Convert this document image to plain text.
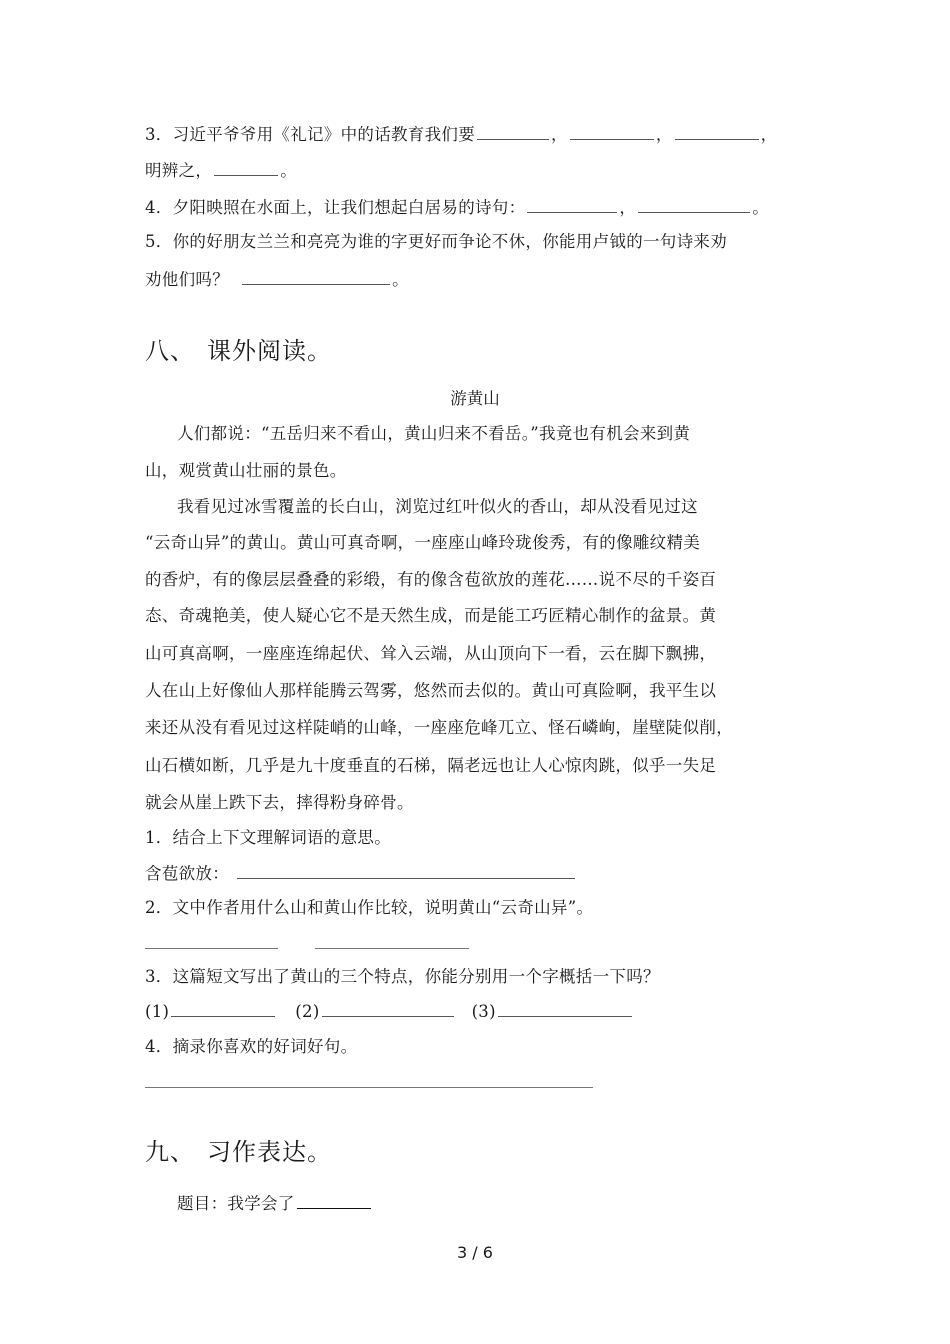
3．习近平爷爷用《礼记》中的话教育我们要	，	，	，
明辨之，	。
4．夕阳映照在水面上，让我们想起白居易的诗句：	，	。
5．你的好朋友兰兰和亮亮为谁的字更好而争论不休，你能用卢钺的一句诗来劝
劝他们吗？	。
八、 课外阅读。
游黄山
人们都说：“五岳归来不看山，黄山归来不看岳。”我竟也有机会来到黄
山，观赏黄山壮丽的景色。
我看见过冰雪覆盖的长白山，浏览过红叶似火的香山，却从没看见过这
“云奇山异”的黄山。黄山可真奇啊，一座座山峰玲珑俊秀，有的像雕纹精美
的香炉，有的像层层叠叠的彩缎，有的像含苞欲放的莲花……说不尽的千姿百
态、奇魂艳美，使人疑心它不是天然生成，而是能工巧匠精心制作的盆景。黄
山可真高啊，一座座连绵起伏、耸入云端，从山顶向下一看，云在脚下飘拂，
人在山上好像仙人那样能腾云驾雾，悠然而去似的。黄山可真险啊，我平生以
来还从没有看见过这样陡峭的山峰，一座座危峰兀立、怪石嶙峋，崖壁陡似削，
山石横如断，几乎是九十度垂直的石梯，隔老远也让人心惊肉跳，似乎一失足
就会从崖上跌下去，摔得粉身碎骨。
1．结合上下文理解词语的意思。
含苞欲放：
2．文中作者用什么山和黄山作比较，说明黄山“云奇山异”。
3．这篇短文写出了黄山的三个特点，你能分别用一个字概括一下吗？
(1)	(2)	(3)
4．摘录你喜欢的好词好句。
九、 习作表达。
题目：我学会了
3 / 6
